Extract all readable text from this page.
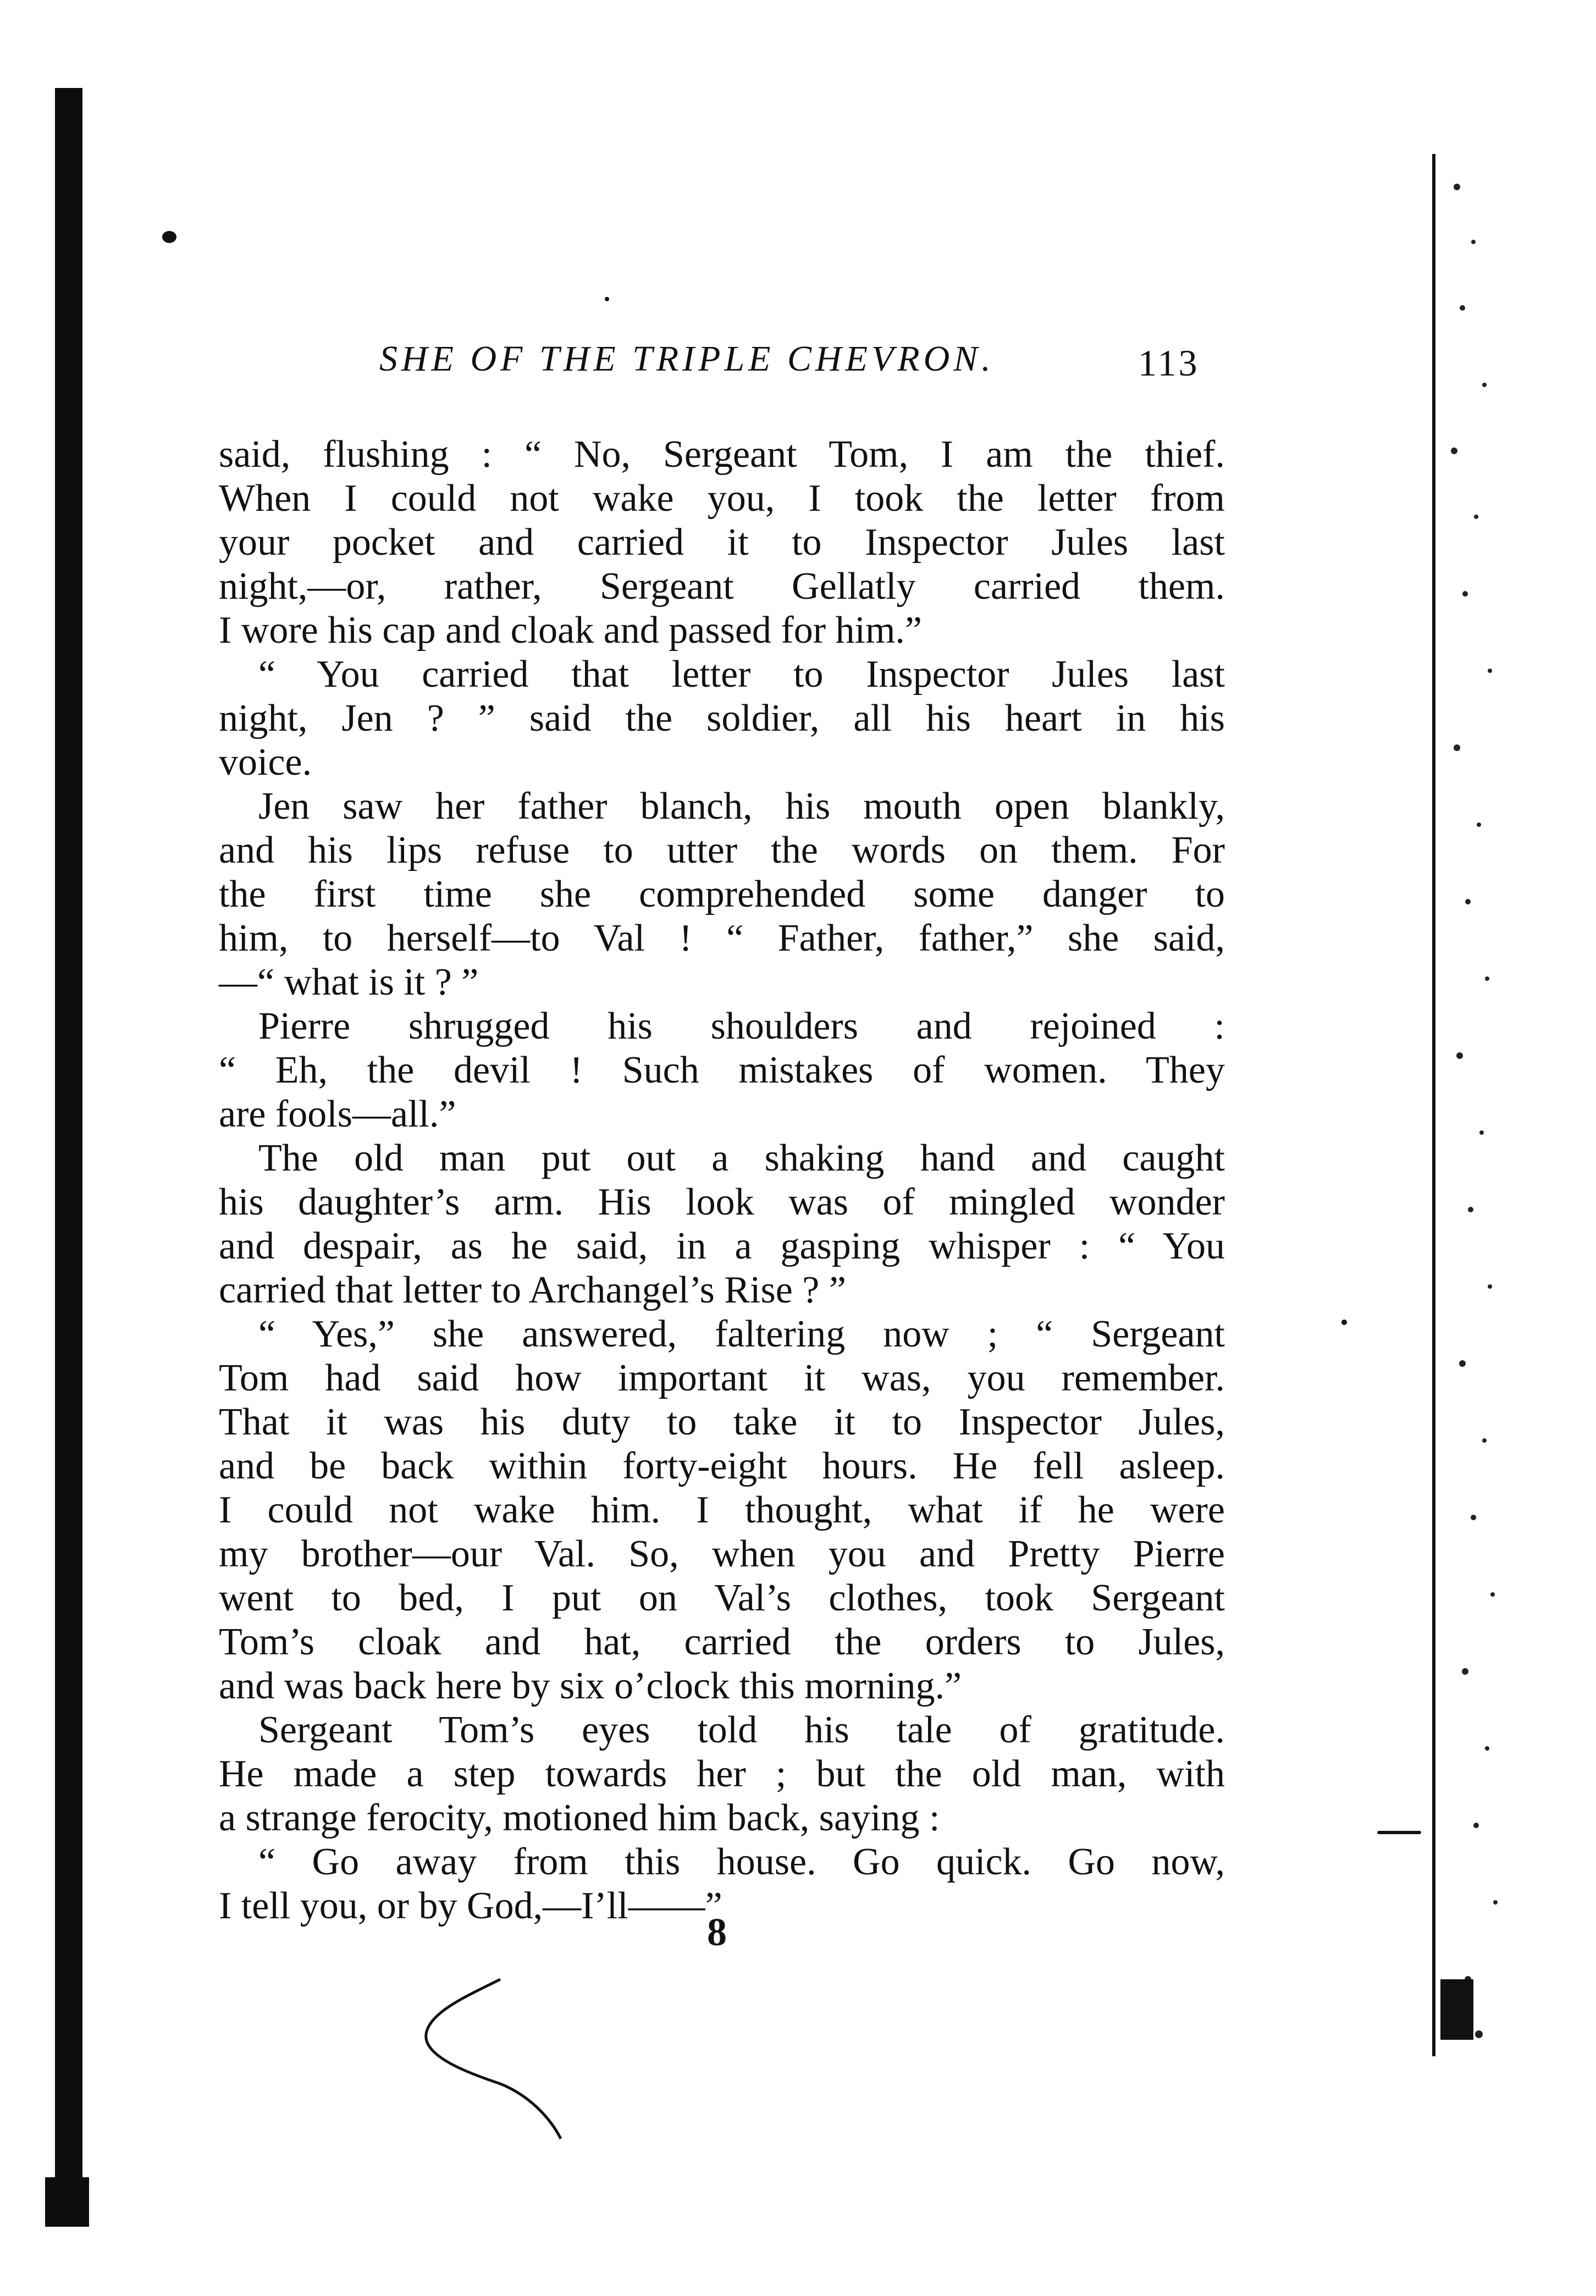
SHE OF THE TRIPLE CHEVRON.	113
said, flushing : “ No, Sergeant Tom, I am the thief.
When I could not wake you, I took the letter from
your pocket and carried it to Inspector Jules last
night,—or, rather, Sergeant Gellatly carried them.
I wore his cap and cloak and passed for him.”
“ You carried that letter to Inspector Jules last
night, Jen ? ” said the soldier, all his heart in his
voice.
Jen saw her father blanch, his mouth open blankly,
and his lips refuse to utter the words on them. For
the first time she comprehended some danger to
him, to herself—to Val ! “ Father, father,” she said,
—“ what is it ? ”
Pierre shrugged his shoulders and rejoined :
“ Eh, the devil ! Such mistakes of women. They
are fools—all.”
The old man put out a shaking hand and caught
his daughter’s arm. His look was of mingled wonder
and despair, as he said, in a gasping whisper : “ You
carried that letter to Archangel’s Rise ? ”
“ Yes,” she answered, faltering now ; “ Sergeant
Tom had said how important it was, you remember.
That it was his duty to take it to Inspector Jules,
and be back within forty-eight hours. He fell asleep.
I could not wake him. I thought, what if he were
my brother—our Val. So, when you and Pretty Pierre
went to bed, I put on Val’s clothes, took Sergeant
Tom’s cloak and hat, carried the orders to Jules,
and was back here by six o’clock this morning.”
Sergeant Tom’s eyes told his tale of gratitude.
He made a step towards her ; but the old man, with
a strange ferocity, motioned him back, saying :
“ Go away from this house. Go quick. Go now,
I tell you, or by God,—I’ll——”
8
